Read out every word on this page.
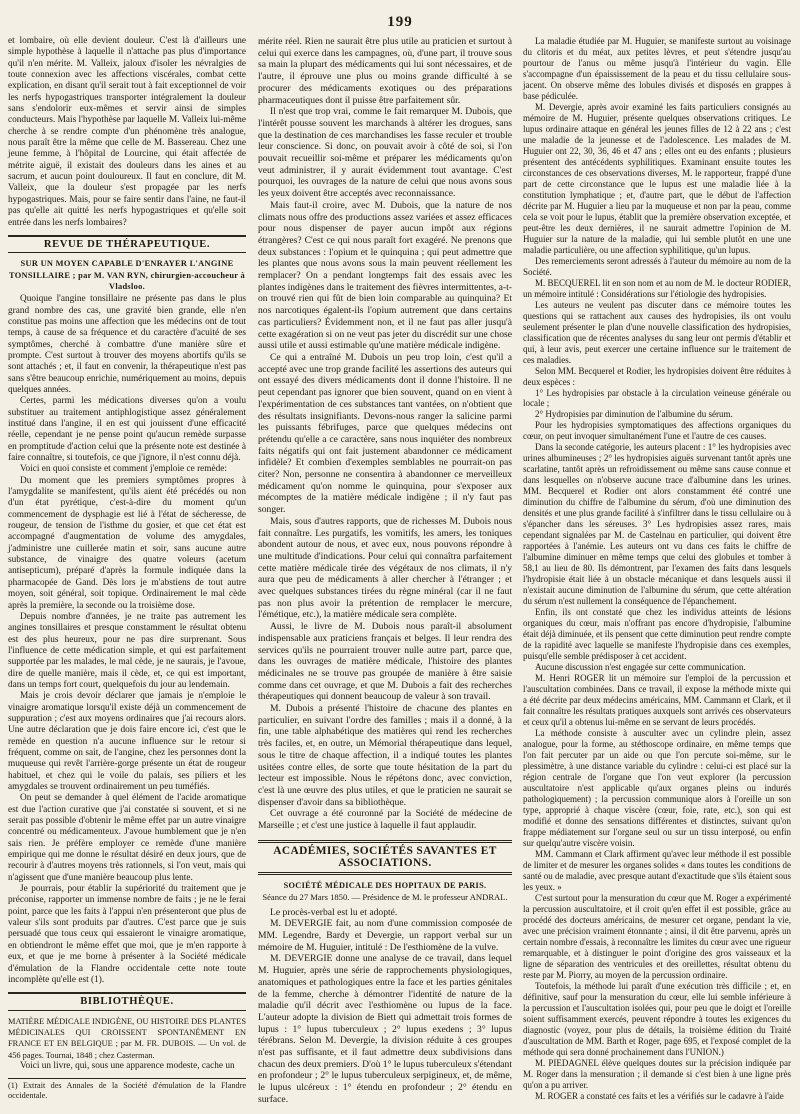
199

et lombaire, où elle devient douleur. C'est là d'ailleurs une simple hypothèse à laquelle il n'attache pas plus d'importance qu'il n'en mérite. M. Valleix, jaloux d'isoler les névralgies de toute connexion avec les affections viscérales, combat cette explication, en disant qu'il serait tout à fait exceptionnel de voir les nerfs hypogastriques transporter intégralement la douleur sans s'endolorir eux-mêmes et servir ainsi de simples conducteurs. Mais l'hypothèse par laquelle M. Valleix lui-même cherche à se rendre compte d'un phénomène très analogue, nous paraît être la même que celle de M. Bassereau. Chez une jeune femme, à l'hôpital de Lourcine, qui était affectée de métrite aiguë, il existait des douleurs dans les aines et au sacrum, et aucun point douloureux. Il faut en conclure, dit M. Valleix, que la douleur s'est propagée par les nerfs hypogastriques. Mais, pour se faire sentir dans l'aine, ne faut-il pas qu'elle ait quitté les nerfs hypogastriques et qu'elle soit entrée dans les nerfs lombaires?

REVUE DE THÉRAPEUTIQUE.
SUR UN MOYEN CAPABLE D'ENRAYER L'ANGINE TONSILLAIRE ; par M. VAN RYN, chirurgien-accoucheur à Vladsloo.

Quoique l'angine tonsillaire ne présente pas dans le plus grand nombre des cas, une gravité bien grande, elle n'en constitue pas moins une affection que les médecins ont de tout temps, à cause de sa fréquence et du caractère d'acuité de ses symptômes, cherché à combattre d'une manière sûre et prompte. C'est surtout à trouver des moyens abortifs qu'ils se sont attachés ; et, il faut en convenir, la thérapeutique n'est pas sans s'être beaucoup enrichie, numériquement au moins, depuis quelques années.

Certes, parmi les médications diverses qu'on a voulu substituer au traitement antiphlogistique assez généralement institué dans l'angine, il en est qui jouissent d'une efficacité réelle, cependant je ne pense point qu'aucun remède surpasse en promptitude d'action celui que la présente note est destinée à faire connaître, si toutefois, ce que j'ignore, il n'est connu déjà.

Voici en quoi consiste et comment j'emploie ce remède:

Du moment que les premiers symptômes propres à l'amygdalite se manifestent, qu'ils aient été précédés ou non d'un état pyrétique, c'est-à-dire du moment qu'un commencement de dysphagie est lié à l'état de sécheresse, de rougeur, de tension de l'isthme du gosier, et que cet état est accompagné d'augmentation de volume des amygdales, j'administre une cuillerée matin et soir, sans aucune autre substance, de vinaigre des quatre voleurs (acetum antisepticum), préparé d'après la formule indiquée dans la pharmacopée de Gand. Dès lors je m'abstiens de tout autre moyen, soit général, soit topique. Ordinairement le mal cède après la première, la seconde ou la troisième dose.

Depuis nombre d'années, je ne traite pas autrement les angines tonsillaires et presque constamment le résultat obtenu est des plus heureux, pour ne pas dire surprenant. Sous l'influence de cette médication simple, et qui est parfaitement supportée par les malades, le mal cède, je ne saurais, je l'avoue, dire de quelle manière, mais il cède, et, ce qui est important, dans un temps fort court, quelquefois du jour au lendemain.

Mais je crois devoir déclarer que jamais je n'emploie le vinaigre aromatique lorsqu'il existe déjà un commencement de suppuration ; c'est aux moyens ordinaires que j'ai recours alors. Une autre déclaration que je dois faire encore ici, c'est que le remède en question n'a aucune influence sur le retour si fréquent, comme on sait, de l'angine, chez les personnes dont la muqueuse qui revêt l'arrière-gorge présente un état de rougeur habituel, et chez qui le voile du palais, ses piliers et les amygdales se trouvent ordinairement un peu tuméfiés.

On peut se demander à quel élément de l'acide aromatique est due l'action curative que j'ai constatée si souvent, et si ne serait pas possible d'obtenir le même effet par un autre vinaigre concentré ou médicamenteux. J'avoue humblement que je n'en sais rien. Je préfère employer ce remède d'une manière empirique qui me donne le résultat désiré en deux jours, que de recourir à d'autres moyens très rationnels, si l'on veut, mais qui n'agissent que d'une manière beaucoup plus lente.

Je pourrais, pour établir la supériorité du traitement que je préconise, rapporter un immense nombre de faits ; je ne le ferai point, parce que les faits à l'appui n'en présenteront que plus de valeur s'ils sont produits par d'autres. C'est parce que je suis persuadé que tous ceux qui essaieront le vinaigre aromatique, en obtiendront le même effet que moi, que je m'en rapporte à eux, et que je me borne à présenter à la Société médicale d'émulation de la Flandre occidentale cette note toute incomplète qu'elle est (1).

BIBLIOTHÈQUE.

MATIÈRE MÉDICALE INDIGÈNE, OU HISTOIRE DES PLANTES MÉDICINALES QUI CROISSENT SPONTANÉMENT EN FRANCE ET EN BELGIQUE ; par M. FR. DUBOIS. — Un vol. de 456 pages. Tournai, 1848 ; chez Casterman.

Voici un livre, qui, sous une apparence modeste, cache un

(1) Extrait des Annales de la Société d'émulation de la Flandre occidentale.

mérite réel. Rien ne saurait être plus utile au praticien et surtout à celui qui exerce dans les campagnes, où, d'une part, il trouve sous sa main la plupart des médicaments qui lui sont nécessaires, et de l'autre, il éprouve une plus ou moins grande difficulté à se procurer des médicaments exotiques ou des préparations pharmaceutiques dont il puisse être parfaitement sûr.

Il n'est que trop vrai, comme le fait remarquer M. Dubois, que l'intérêt pousse souvent les marchands à altérer les drogues, sans que la destination de ces marchandises les fasse reculer et trouble leur conscience. Si donc, on pouvait avoir à côté de soi, si l'on pouvait recueillir soi-même et préparer les médicaments qu'on veut administrer, il y aurait évidemment tout avantage. C'est pourquoi, les ouvrages de la nature de celui que nous avons sous les yeux doivent être acceptés avec reconnaissance.

Mais faut-il croire, avec M. Dubois, que la nature de nos climats nous offre des productions assez variées et assez efficaces pour nous dispenser de payer aucun impôt aux régions étrangères? C'est ce qui nous paraît fort exagéré. Ne prenons que deux substances : l'opium et le quinquina ; qui peut admettre que les plantes que nous avons sous la main peuvent réellement les remplacer? On a pendant longtemps fait des essais avec les plantes indigènes dans le traitement des fièvres intermittentes, a-t-on trouvé rien qui fût de bien loin comparable au quinquina? Et nos narcotiques égalent-ils l'opium autrement que dans certains cas particuliers? Évidemment non, et il ne faut pas aller jusqu'à cette exagération si on ne veut pas jeter du discrédit sur une chose aussi utile et aussi estimable qu'une matière médicale indigène.

Ce qui a entraîné M. Dubois un peu trop loin, c'est qu'il a accepté avec une trop grande facilité les assertions des auteurs qui ont essayé des divers médicaments dont il donne l'histoire. Il ne peut cependant pas ignorer que bien souvent, quand on en vient à l'expérimentation de ces substances tant vantées, on n'obtient que des résultats insignifiants. Devons-nous ranger la salicine parmi les puissants fébrifuges, parce que quelques médecins ont prétendu qu'elle a ce caractère, sans nous inquiéter des nombreux faits négatifs qui ont fait justement abandonner ce médicament infidèle? Et combien d'exemples semblables ne pourrait-on pas citer? Non, personne ne consentira à abandonner ce merveilleux médicament qu'on nomme le quinquina, pour s'exposer aux mécomptes de la matière médicale indigène ; il n'y faut pas songer.

Mais, sous d'autres rapports, que de richesses M. Dubois nous fait connaître. Les purgatifs, les vomitifs, les amers, les toniques abondent autour de nous, et avec eux, nous pouvons répondre à une multitude d'indications. Pour celui qui connaîtra parfaitement cette matière médicale tirée des végétaux de nos climats, il n'y aura que peu de médicaments à aller chercher à l'étranger ; et avec quelques substances tirées du règne minéral (car il ne faut pas non plus avoir la prétention de remplacer le mercure, l'émétique, etc.), la matière médicale sera complète.

Aussi, le livre de M. Dubois nous paraît-il absolument indispensable aux praticiens français et belges. Il leur rendra des services qu'ils ne pourraient trouver nulle autre part, parce que, dans les ouvrages de matière médicale, l'histoire des plantes médicinales ne se trouve pas groupée de manière à être saisie comme dans cet ouvrage, et que M. Dubois a fait des recherches thérapeutiques qui donnent beaucoup de valeur à son travail.

M. Dubois a présenté l'histoire de chacune des plantes en particulier, en suivant l'ordre des familles ; mais il a donné, à la fin, une table alphabétique des matières qui rend les recherches très faciles, et, en outre, un Mémorial thérapeutique dans lequel, sous le titre de chaque affection, il a indiqué toutes les plantes usitées contre elles, de sorte que toute hésitation de la part du lecteur est impossible. Nous le répétons donc, avec conviction, c'est là une œuvre des plus utiles, et que le praticien ne saurait se dispenser d'avoir dans sa bibliothèque.

Cet ouvrage a été couronné par la Société de médecine de Marseille ; et c'est une justice à laquelle il faut applaudir.

ACADÉMIES, SOCIÉTÉS SAVANTES ET ASSOCIATIONS.
SOCIÉTÉ MÉDICALE DES HOPITAUX DE PARIS.
Séance du 27 Mars 1850. — Présidence de M. le professeur ANDRAL.

Le procès-verbal est lu et adopté.

M. DEVERGIE fait, au nom d'une commission composée de MM. Legendre, Bardy et Devergie, un rapport verbal sur un mémoire de M. Huguier, intitulé : De l'esthiomène de la vulve.

M. DEVERGIE donne une analyse de ce travail, dans lequel M. Huguier, après une série de rapprochements physiologiques, anatomiques et pathologiques entre la face et les parties génitales de la femme, cherche à démontrer l'identité de nature de la maladie qu'il décrit avec l'esthiomène ou lupus de la face. L'auteur adopte la division de Biett qui admettait trois formes de lupus : 1° lupus tuberculeux ; 2° lupus exedens ; 3° lupus térébrans. Selon M. Devergie, la division réduite à ces groupes n'est pas suffisante, et il faut admettre deux subdivisions dans chacun des deux premiers. D'où 1° le lupus tuberculeux s'étendant en profondeur ; 2° le lupus tuberculeux serpigineux, et, de même, le lupus ulcéreux : 1° étendu en profondeur ; 2° étendu en surface.

La maladie étudiée par M. Huguier, se manifeste surtout au voisinage du clitoris et du méat, aux petites lèvres, et peut s'étendre jusqu'au pourtour de l'anus ou même jusqu'à l'intérieur du vagin. Elle s'accompagne d'un épaississement de la peau et du tissu cellulaire sous-jacent. On observe même des lobules divisés et disposés en grappes à base pédiculée.

M. Devergie, après avoir examiné les faits particuliers consignés au mémoire de M. Huguier, présente quelques observations critiques. Le lupus ordinaire attaque en général les jeunes filles de 12 à 22 ans ; c'est une maladie de la jeunesse et de l'adolescence. Les malades de M. Huguier ont 22, 30, 36, 46 et 47 ans ; elles ont eu des enfants ; plusieurs présentent des antécédents syphilitiques. Examinant ensuite toutes les circonstances de ces observations diverses, M. le rapporteur, frappé d'une part de cette circonstance que le lupus est une maladie liée à la constitution lymphatique ; et, d'autre part, que le début de l'affection décrite par M. Huguier a lieu par la muqueuse et non par la peau, comme cela se voit pour le lupus, établit que la première observation exceptée, et peut-être les deux dernières, il ne saurait admettre l'opinion de M. Huguier sur la nature de la maladie, qui lui semble plutôt en une une maladie particulière, ou une affection syphilitique, qu'un lupus.

Des remerciements seront adressés à l'auteur du mémoire au nom de la Société.

M. BECQUEREL lit en son nom et au nom de M. le docteur RODIER, un mémoire intitulé : Considérations sur l'étiologie des hydropisies.

Les auteurs ne veulent pas discuter dans ce mémoire toutes les questions qui se rattachent aux causes des hydropisies, ils ont voulu seulement présenter le plan d'une nouvelle classification des hydropisies, classification que de récentes analyses du sang leur ont permis d'établir et qui, à leur avis, peut exercer une certaine influence sur le traitement de ces maladies.

Selon MM. Becquerel et Rodier, les hydropisies doivent être réduites à deux espèces :

1° Les hydropisies par obstacle à la circulation veineuse générale ou locale ;

2° Hydropisies par diminution de l'albumine du sérum.

Pour les hydropisies symptomatiques des affections organiques du cœur, on peut invoquer simultanément l'une et l'autre de ces causes.

Dans la seconde catégorie, les auteurs placent : 1° les hydropisies avec urines albumineuses ; 2° les hydropisies aiguës survenant tantôt après une scarlatine, tantôt après un refroidissement ou même sans cause connue et dans lesquelles on n'observe aucune trace d'albumine dans les urines. MM. Becquerel et Rodier ont alors constamment été contré une diminution du chiffre de l'albumine du sérum, d'où une diminution des densités et une plus grande facilité à s'infiltrer dans le tissu cellulaire ou à s'épancher dans les séreuses. 3° Les hydropisies assez rares, mais cependant signalées par M. de Castelnau en particulier, qui doivent être rapportées à l'anémie. Les auteurs ont vu dans ces faits le chiffre de l'albumine diminuer en même temps que celui des globules et tomber à 58,1 au lieu de 80. Ils démontrent, par l'examen des faits dans lesquels l'hydropisie était liée à un obstacle mécanique et dans lesquels aussi il n'existait aucune diminution de l'albumine du sérum, que cette altération du sérum n'est nullement la conséquence de l'épanchement.

Enfin, ils ont constaté que chez les individus atteints de lésions organiques du cœur, mais n'offrant pas encore d'hydropisie, l'albumine était déjà diminuée, et ils pensent que cette diminution peut rendre compte de la rapidité avec laquelle se manifeste l'hydropisie dans ces exemples, puisqu'elle semble prédisposer à cet accident.

Aucune discussion n'est engagée sur cette communication.

M. Henri ROGER lit un mémoire sur l'emploi de la percussion et l'auscultation combinées. Dans ce travail, il expose la méthode mixte qui a été décrite par deux médecins américains, MM. Cammann et Clark, et il fait connaître les résultats pratiques auxquels sont arrivés ces observateurs et ceux qu'il a obtenus lui-même en se servant de leurs procédés.

La méthode consiste à ausculter avec un cylindre plein, assez analogue, pour la forme, au stéthoscope ordinaire, en même temps que l'on fait percuter par un aide ou que l'on percute soi-même, sur le plessimètre, à une distance variable du cylindre : celui-ci est placé sur la région centrale de l'organe que l'on veut explorer (la percussion auscultatoire n'est applicable qu'aux organes pleins ou indurés pathologiquement) ; la percussion communique alors à l'oreille un son type, approprié à chaque viscère (cœur, foie, rate, etc.), son qui est modifié et donne des sensations différentes et distinctes, suivant qu'on frappe médiatement sur l'organe seul ou sur un tissu interposé, ou enfin sur quelqu'autre viscère voisin.

MM. Cammann et Clark affirment qu'avec leur méthode il est possible de limiter et de mesurer les organes solides « dans toutes les conditions de santé ou de maladie, avec presque autant d'exactitude que s'ils étaient sous les yeux. »

C'est surtout pour la mensuration du cœur que M. Roger a expérimenté la percussion auscultatoire, et il croit qu'en effet il est possible, grâce au procédé des docteurs américains, de mesurer cet organe, pendant la vie, avec une précision vraiment étonnante ; ainsi, il dit être parvenu, après un certain nombre d'essais, à reconnaître les limites du cœur avec une rigueur remarquable, et à distinguer le point d'origine des gros vaisseaux et la ligne de séparation des ventricules et des oreillettes, résultat obtenu du reste par M. Piorry, au moyen de la percussion ordinaire.

Toutefois, la méthode lui paraît d'une exécution très difficile ; et, en définitive, sauf pour la mensuration du cœur, elle lui semble inférieure à la percussion et l'auscultation isolées qui, pour peu que le doigt et l'oreille soient suffisamment exercés, peuvent répondre à toutes les exigences du diagnostic (voyez, pour plus de détails, la troisième édition du Traité d'auscultation de MM. Barth et Roger, page 695, et l'exposé complet de la méthode qui sera donné prochainement dans l'UNION.)

M. PIEDAGNEL élève quelques doutes sur la précision indiquée par M. Roger dans la mensuration ; il demande si c'est bien à une ligne près qu'on a pu arriver.

M. ROGER a constaté ces faits et les a vérifiés sur le cadavre à l'aide
